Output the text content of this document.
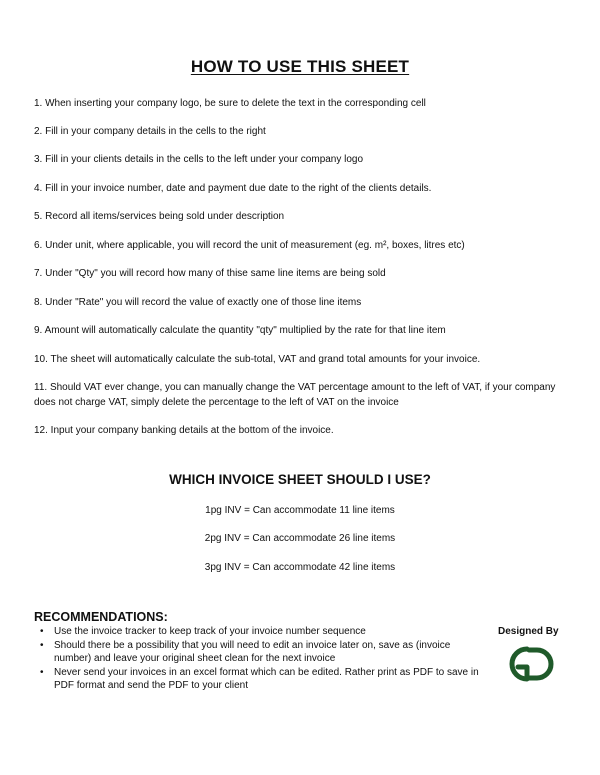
HOW TO USE THIS SHEET

1. When inserting your company logo, be sure to delete the text in the corresponding cell

2. Fill in your company details in the cells to the right

3. Fill in your clients details in the cells to the left under your company logo

4. Fill in your invoice number, date and payment due date to the right of the clients details.

5. Record all items/services being sold under description

6. Under unit, where applicable, you will record the unit of measurement (eg. m², boxes, litres etc)

7. Under "Qty" you will record how many of thise same line items are being sold

8. Under "Rate" you will record the value of exactly one of those line items

9. Amount will automatically calculate the quantity "qty" multiplied by the rate for that line item

10. The sheet will automatically calculate the sub-total, VAT and grand total amounts for your invoice.

11. Should VAT ever change, you can manually change the VAT percentage amount to the left of VAT, if your company does not charge VAT, simply delete the percentage to the left of VAT on the invoice

12. Input your company banking details at the bottom of the invoice.

WHICH INVOICE SHEET SHOULD I USE?
1pg INV = Can accommodate 11 line items
2pg INV = Can accommodate 26 line items
3pg INV = Can accommodate 42 line items
RECOMMENDATIONS:
• Use the invoice tracker to keep track of your invoice number sequence
• Should there be a possibility that you will need to edit an invoice later on, save as (invoice number) and leave your original sheet clean for the next invoice
• Never send your invoices in an excel format which can be edited. Rather print as PDF to save in PDF format and send the PDF to your client
Designed By
